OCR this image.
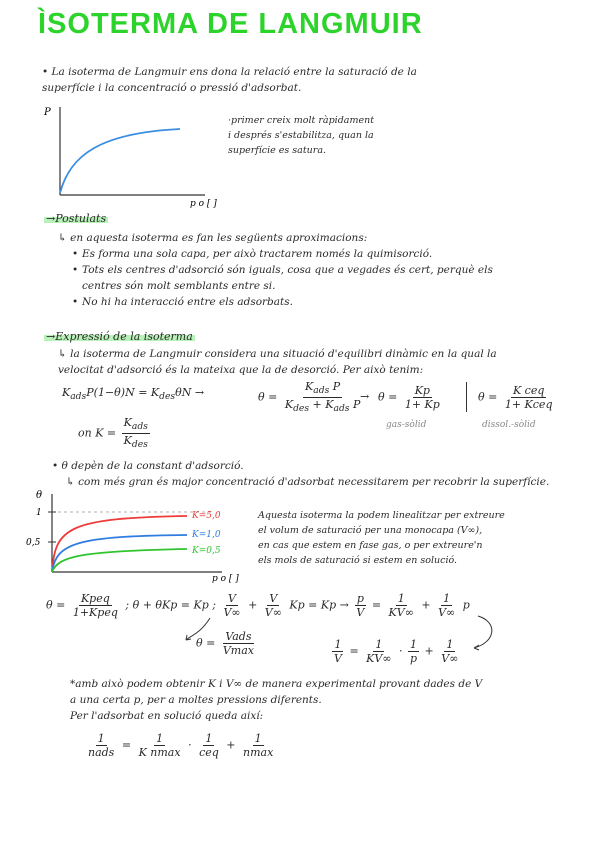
ÌSOTERMA DE LANGMUIR
• La isoterma de Langmuir ens dona la relació entre la saturació de la
superfície i la concentració o pressió d'adsorbat.
P
p o [ ]
·primer creix molt ràpidament
i després s'estabilitza, quan la
superfície es satura.
→Postulats
↳ en aquesta isoterma es fan les següents aproximacions:
• Es forma una sola capa, per això tractarem només la quimisorció.
• Tots els centres d'adsorció són iguals, cosa que a vegades és cert, perquè els
centres són molt semblants entre si.
• No hi ha interacció entre els adsorbats.
→Expressió de la isoterma
↳ la isoterma de Langmuir considera una situació d'equilibri dinàmic en la qual la
velocitat d'adsorció és la mateixa que la de desorció. Per això tenim:
$K_{ads}P(1-\theta)N = K_{des}\theta N$ →	$\theta = \frac{K_{ads} P}{K_{des} + K_{ads} P}$
→ $\theta = \frac{Kp}{1+ Kp}$	$\theta = \frac{\text{K ceq}}{\text{1+ Kceq}}$
gas-sòlid	dissol.-sòlid
on $K = \frac{K_{ads}}{K_{des}}$
• θ depèn de la constant d'adsorció.
↳ com més gran és major concentració d'adsorbat necessitarem per recobrir la superfície.
θ
1
0,5
K=5,0
K=1,0
K=0,5
p o [ ]
Aquesta isoterma la podem linealitzar per extreure
el volum de saturació per una monocapa (V∞),
en cas que estem en fase gas, o per extreure'n
els mols de saturació si estem en solució.
$\theta = \frac{\text{Kpeq}}{\text{1+Kpeq}}$ ; θ + θKp = Kp ; $\frac{V}{V\infty} + \frac{V}{V\infty}$ $Kp = Kp \to \frac{p}{V} = \frac{1}{KV\infty} + \frac{1}{V\infty}$ p
$\theta = \frac{\text{Vads}}{Vmax}$	$\frac{1}{V} = \frac{1}{KV\infty} \cdot \frac{1}{p} + \frac{1}{V\infty}$
*amb això podem obtenir K i V∞ de manera experimental provant dades de V
a una certa p, per a moltes pressions diferents.
Per l'adsorbat en solució queda així:
$\frac{1}{\text{nads}} = \frac{1}{\text{K nmax}} \cdot \frac{1}{\text{ceq}} + \frac{1}{nmax}$
